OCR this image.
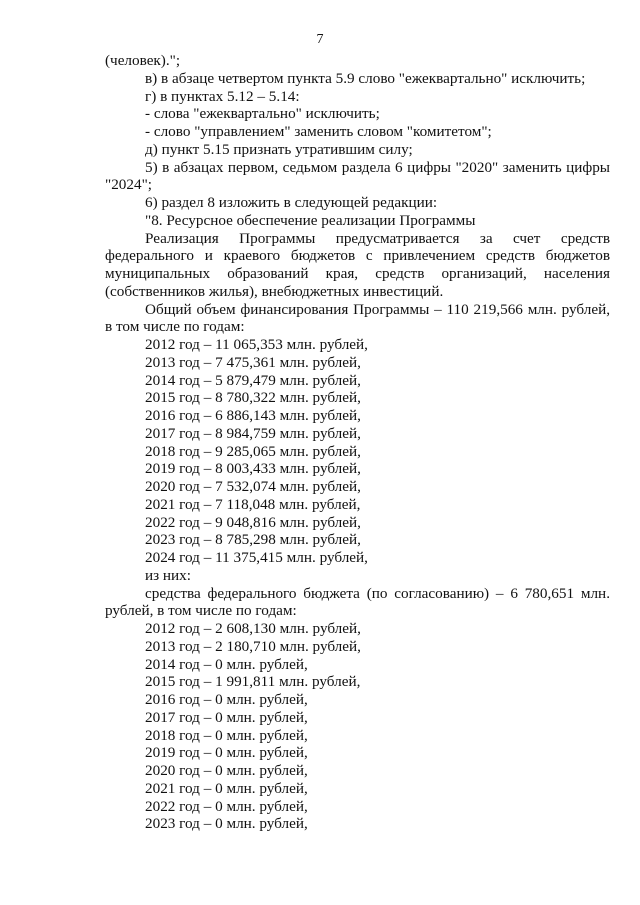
7

(человек).";

в) в абзаце четвертом пункта 5.9 слово "ежеквартально" исключить;

г) в пунктах 5.12 – 5.14:

- слова "ежеквартально" исключить;

- слово "управлением" заменить словом "комитетом";

д) пункт 5.15 признать утратившим силу;

5) в абзацах первом, седьмом раздела 6 цифры "2020" заменить цифры "2024";

6) раздел 8 изложить в следующей редакции:

"8. Ресурсное обеспечение реализации Программы

Реализация Программы предусматривается за счет средств федерального и краевого бюджетов с привлечением средств бюджетов муниципальных образований края, средств организаций, населения (собственников жилья), внебюджетных инвестиций.

Общий объем финансирования Программы – 110 219,566 млн. рублей, в том числе по годам:

2012 год – 11 065,353 млн. рублей,

2013 год – 7 475,361 млн. рублей,

2014 год – 5 879,479 млн. рублей,

2015 год – 8 780,322 млн. рублей,

2016 год – 6 886,143 млн. рублей,

2017 год – 8 984,759 млн. рублей,

2018 год – 9 285,065 млн. рублей,

2019 год – 8 003,433 млн. рублей,

2020 год – 7 532,074 млн. рублей,

2021 год – 7 118,048 млн. рублей,

2022 год – 9 048,816 млн. рублей,

2023 год – 8 785,298 млн. рублей,

2024 год – 11 375,415 млн. рублей,

из них:

средства федерального бюджета (по согласованию) – 6 780,651 млн. рублей, в том числе по годам:

2012 год – 2 608,130 млн. рублей,

2013 год – 2 180,710 млн. рублей,

2014 год – 0 млн. рублей,

2015 год – 1 991,811 млн. рублей,

2016 год – 0 млн. рублей,

2017 год – 0 млн. рублей,

2018 год – 0 млн. рублей,

2019 год – 0 млн. рублей,

2020 год – 0 млн. рублей,

2021 год – 0 млн. рублей,

2022 год – 0 млн. рублей,

2023 год – 0 млн. рублей,
